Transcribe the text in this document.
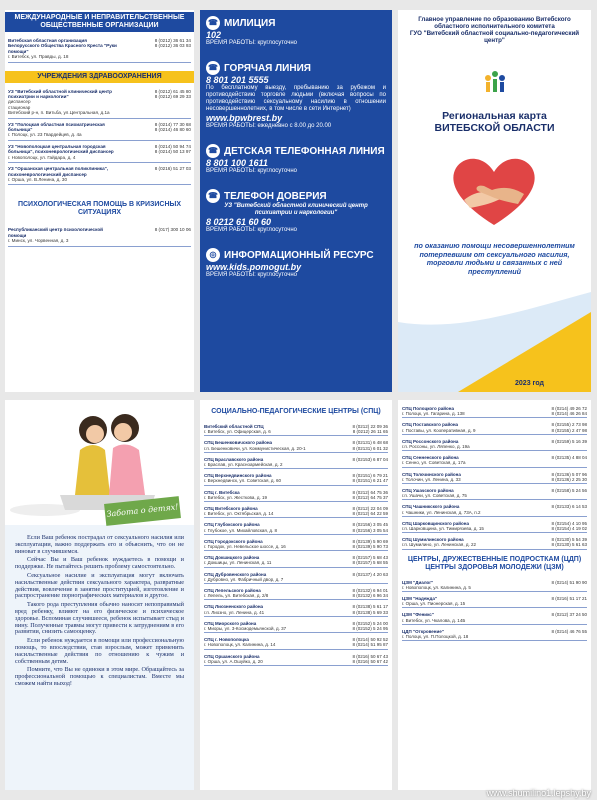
МЕЖДУНАРОДНЫЕ И НЕПРАВИТЕЛЬСТВЕННЫЕ ОБЩЕСТВЕННЫЕ ОРГАНИЗАЦИИ
Витебская областная организация Белорусского Общества Красного Креста "Руки помощи"
г. Витебск, ул. Правды, д. 18
8 (0212) 36 61 34
8 (0212) 36 03 93
УЧРЕЖДЕНИЯ ЗДРАВООХРАНЕНИЯ
УЗ "Витебский областной клинический центр психиатрии и наркологии"
диспансер
стационар
Витебский р-н, п. Витьба, ул.Центральная, д.1а
8 (0212) 61 45 80
8 (0212) 69 29 33
УЗ "Полоцкая областная психиатрическая больница"
г. Полоцк, ул. 23 Гвардейцев, д. 4а
8 (0214) 77 30 68
8 (0214) 46 80 60
УЗ "Новополоцкая центральная городская больница", психоневрологический диспансер
г. Новополоцк, ул. Гайдара, д. 4
8 (0214) 50 94 74
8 (0214) 50 13 97
УЗ "Оршанская центральная поликлиника", психоневрологический диспансер
г. Орша, ул. В.Ленина, д. 30
8 (0216) 51 27 03
ПСИХОЛОГИЧЕСКАЯ ПОМОЩЬ В КРИЗИСНЫХ СИТУАЦИЯХ
Республиканский центр психологической помощи
г. Минск, ул. Чорвенная, д. 3
8 (017) 300 10 06
☎ МИЛИЦИЯ
102
ВРЕМЯ РАБОТЫ: круглосуточно
☎ ГОРЯЧАЯ ЛИНИЯ
8 801 201 5555
По бесплатному выезду, пребыванию за рубежом и противодействию торговле людьми (включая вопросы по противодействию сексуальному насилию в отношении несовершеннолетних, в том числе в сети Интернет)
www.bpwbrest.by
ВРЕМЯ РАБОТЫ: ежедневно с 8.00 до 20.00
☎ ДЕТСКАЯ ТЕЛЕФОННАЯ ЛИНИЯ
8 801 100 1611
ВРЕМЯ РАБОТЫ: круглосуточно
☎ ТЕЛЕФОН ДОВЕРИЯ
УЗ "Витебский областной клинический центр психиатрии и наркологии"
8 0212 61 60 60
ВРЕМЯ РАБОТЫ: круглосуточно
◎ ИНФОРМАЦИОННЫЙ РЕСУРС
www.kids.pomogut.by
ВРЕМЯ РАБОТЫ: круглосуточно
Главное управление по образованию Витебского областного исполнительного комитета
ГУО "Витебский областной социально-педагогический центр"
Региональная карта
ВИТЕБСКОЙ ОБЛАСТИ
по оказанию помощи несовершеннолетним потерпевшим от сексуального насилия, торговли людьми и связанных с ней преступлений
2023 год
Забота о детях!

Если Ваш ребенок пострадал от сексуального насилия или эксплуатации, важно поддержать его и объяснить, что он не виноват в случившемся.

Сейчас Вы и Ваш ребенок нуждаетесь в помощи и поддержке. Не пытайтесь решить проблему самостоятельно.

Сексуальное насилие и эксплуатация могут включать насильственные действия сексуального характера, развратные действия, вовлечение в занятие проституцией, изготовление и распространение порнографических материалов и другое.

Такого рода преступления обычно наносят непоправимый вред ребенку, влияют на его физическое и психическое здоровье. Вспоминая случившееся, ребенок испытывает стыд и вину. Полученные травмы могут привести к затруднениям в его развитии, снизить самооценку.

Если ребенок нуждается в помощи или профессиональную помощь, то впоследствии, став взрослым, может применить насильственные действия по отношению к чужим и собственным детям.

Помните, что Вы не одиноки в этом мире. Обращайтесь за профессиональной помощью к специалистам. Вместе мы сможем найти выход!

СОЦИАЛЬНО-ПЕДАГОГИЧЕСКИЕ ЦЕНТРЫ (СПЦ)
Витебский областной СПЦ	8 (0212) 22 09 36
г. Витебск, ул. Офицерская, д. 6	8 (0212) 26 11 65
СПЦ Бешенковичского района	8 (02131) 6 48 68
г.п. Бешенковичи, ул. Коммунистическая, д. 20-1	8 (02131) 6 01 32
СПЦ Браславского района	8 (02153) 6 87 04
г. Браслав, ул. Красноармейская, д. 2
СПЦ Верхнедвинского района	8 (02151) 6 79 21
г. Верхнедвинск, ул. Советская, д. 60	8 (02151) 6 21 47
СПЦ г. Витебска	8 (0212) 64 75 36
г. Витебск, ул. Жесткова, д. 19	8 (0212) 64 75 37
СПЦ Витебского района	8 (0212) 22 04 09
г. Витебск, ул. Октябрьская, д. 14	8 (0212) 64 22 59
СПЦ Глубокского района	8 (02156) 3 05 45
г. Глубокое, ул. Михайловская, д. 8	8 (02156) 3 05 54
СПЦ Городокского района	8 (02139) 5 90 69
г. Городок, ул. Невельское шоссе, д. 16	8 (02139) 5 90 73
СПЦ Докшицкого района	8 (02157) 5 68 43
г. Докшицы, ул. Ленинская, д. 11	8 (02157) 5 68 55
СПЦ Дубровенского района	8 (02137) 4 20 63
г. Дубровно, ул. Фабричный двор, д. 7
СПЦ Лепельского района	8 (02132) 6 94 01
г. Лепель, ул. Витебская, д. 2/8	8 (02132) 6 96 34
СПЦ Лиозненского района	8 (02138) 5 61 17
г.п. Лиозно, ул. Ленина, д. 41	8 (02138) 5 69 33
СПЦ Миорского района	8 (02152) 5 24 00
г. Миоры, ул. 3-Космодемьянской, д. 37	8 (02152) 5 24 95
СПЦ г. Новополоцка	8 (0214) 50 92 52
г. Новополоцк, ул. Калинина, д. 14	8 (0214) 51 95 87
СПЦ Оршанского района	8 (0216) 50 67 43
г. Орша, ул. А.Ошуйко, д. 20	8 (0216) 50 67 42
СПЦ Полоцкого района	8 (0214) 49 26 72
г. Полоцк, ул. Гагарина, д. 138	8 (0214) 46 26 84
СПЦ Поставского района	8 (02155) 2 73 98
г. Поставы, ул. Кооперативная, д. 9	8 (02155) 2 47 98
СПЦ Россонского района	8 (02159) 5 16 39
г.п. Россоны, ул. Ляпенко, д. 19а
СПЦ Сенненского района	8 (02135) 4 88 04
г. Сенно, ул. Советская, д. 17а
СПЦ Толочинского района	8 (02136) 5 07 96
г. Толочин, ул. Ленина, д. 33	8 (02136) 2 25 30
СПЦ Ушачского района	8 (02158) 5 24 56
г.п. Ушачи, ул. Советская, д. 75
СПЦ Чашникского района	8 (02133) 6 14 53
г. Чашники, ул. Ленинская, д. 73А, п.2
СПЦ Шарковщинского района	8 (02154) 4 10 95
г.п. Шарковщина, ул. Тимирязева, д. 15	8 (02154) 4 19 02
СПЦ Шумилинского района	8 (02130) 5 54 39
г.п. Шумилино, ул. Ленинская, д. 22	8 (02130) 5 61 63
ЦЕНТРЫ, ДРУЖЕСТВЕННЫЕ ПОДРОСТКАМ (ЦДП) ЦЕНТРЫ ЗДОРОВЬЯ МОЛОДЕЖИ (ЦЗМ)
ЦЗМ "Диалог"	8 (0214) 51 90 90
г. Новополоцк, ул. Калинина, д. 5
ЦЗМ "Надежда"	8 (0216) 51 17 21
г. Орша, ул. Пионерская, д. 15
ЦЗМ "Феникс"	8 (0212) 37 24 50
г. Витебск, ул. Чкалова, д. 14Б
ЦДП "Откровение"	8 (0214) 46 76 55
г. Полоцк, ул. П.Полоцкой, д. 18
www.shumilino1.lepshy.by
